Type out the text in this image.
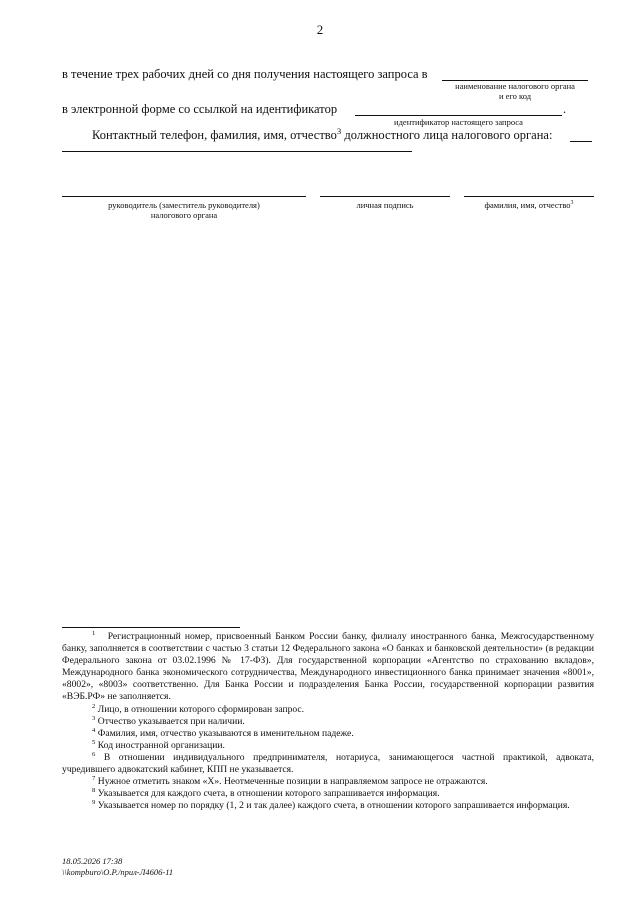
2
в течение трех рабочих дней со дня получения настоящего запроса в
наименование налогового органа
и его код
в электронной форме со ссылкой на идентификатор	.
идентификатор настоящего запроса
Контактный телефон, фамилия, имя, отчество$^3$ должностного лица налогового органа:
руководитель (заместитель руководителя)
налогового органа
личная подпись	фамилия, имя, отчество$^3$

$^1$ Регистрационный номер, присвоенный Банком России банку, филиалу иностранного банка, Межгосударственному банку, заполняется в соответствии с частью 3 статьи 12 Федерального закона «О банках и банковской деятельности» (в редакции Федерального закона от 03.02.1996 № 17-ФЗ). Для государственной корпорации «Агентство по страхованию вкладов», Международного банка экономического сотрудничества, Международного инвестиционного банка принимает значения «8001», «8002», «8003» соответственно. Для Банка России и подразделения Банка России, государственной корпорации развития «ВЭБ.РФ» не заполняется.

$^2$ Лицо, в отношении которого сформирован запрос.

$^3$ Отчество указывается при наличии.

$^4$ Фамилия, имя, отчество указываются в именительном падеже.

$^5$ Код иностранной организации.

$^6$ В отношении индивидуального предпринимателя, нотариуса, занимающегося частной практикой, адвоката, учредившего адвокатский кабинет, КПП не указывается.

$^7$ Нужное отметить знаком «X». Неотмеченные позиции в направляемом запросе не отражаются.

$^8$ Указывается для каждого счета, в отношении которого запрашивается информация.

$^9$ Указывается номер по порядку (1, 2 и так далее) каждого счета, в отношении которого запрашивается информация.

18.05.2026 17:38
\\kompburo\О.Р./прил-Л4606-11
